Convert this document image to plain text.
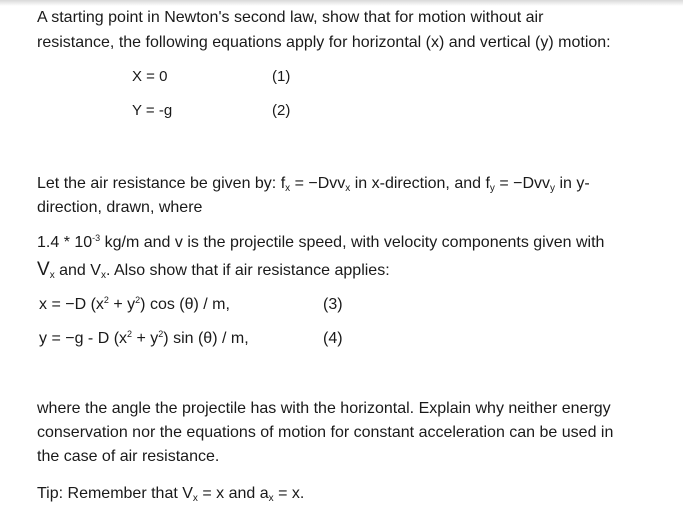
A starting point in Newton's second law, show that for motion without air
resistance, the following equations apply for horizontal (x) and vertical (y) motion:
X = 0	(1)
Y = -g	(2)
Let the air resistance be given by: $f_x = -Dvv_x$ in x-direction, and $f_y = -Dvv_y$ in y-
direction, drawn, where
$1.4 * 10^{-3}$ kg/m and v is the projectile speed, with velocity components given with
$V_x$ and $V_x$. Also show that if air resistance applies:
x = −D $(x^2 + y^2)$ cos (θ) / m,	(3)
y = −g - D $(x^2 + y^2)$ sin (θ) / m,	(4)
where the angle the projectile has with the horizontal. Explain why neither energy
conservation nor the equations of motion for constant acceleration can be used in
the case of air resistance.
Tip: Remember that $V_x = x$ and $a_x = x$.
